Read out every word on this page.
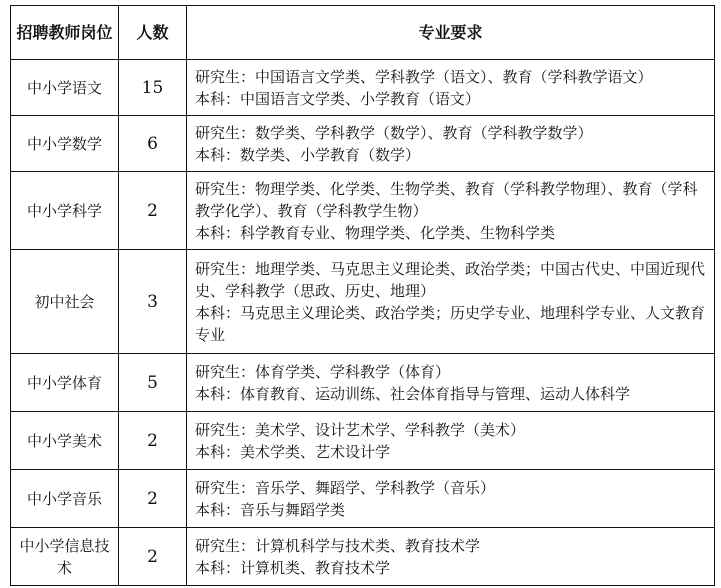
招聘教师岗位	人数	专业要求
中小学语文	15	研究生：中国语言文学类、学科教学（语文）、教育（学科教学语文）
本科：中国语言文学类、小学教育（语文）

中小学数学	6	研究生：数学类、学科教学（数学）、教育（学科教学数学）
本科：数学类、小学教育（数学）

中小学科学	2	研究生：物理学类、化学类、生物学类、教育（学科教学物理）、教育（学科教学化学）、教育（学科教学生物）
本科：科学教育专业、物理学类、化学类、生物科学类

初中社会	3	研究生：地理学类、马克思主义理论类、政治学类；中国古代史、中国近现代史、学科教学（思政、历史、地理）
本科：马克思主义理论类、政治学类；历史学专业、地理科学专业、人文教育专业

中小学体育	5	研究生：体育学类、学科教学（体育）
本科：体育教育、运动训练、社会体育指导与管理、运动人体科学

中小学美术	2	研究生：美术学、设计艺术学、学科教学（美术）
本科：美术学类、艺术设计学

中小学音乐	2	研究生：音乐学、舞蹈学、学科教学（音乐）
本科：音乐与舞蹈学类

中小学信息技术	2	研究生：计算机科学与技术类、教育技术学
本科：计算机类、教育技术学
